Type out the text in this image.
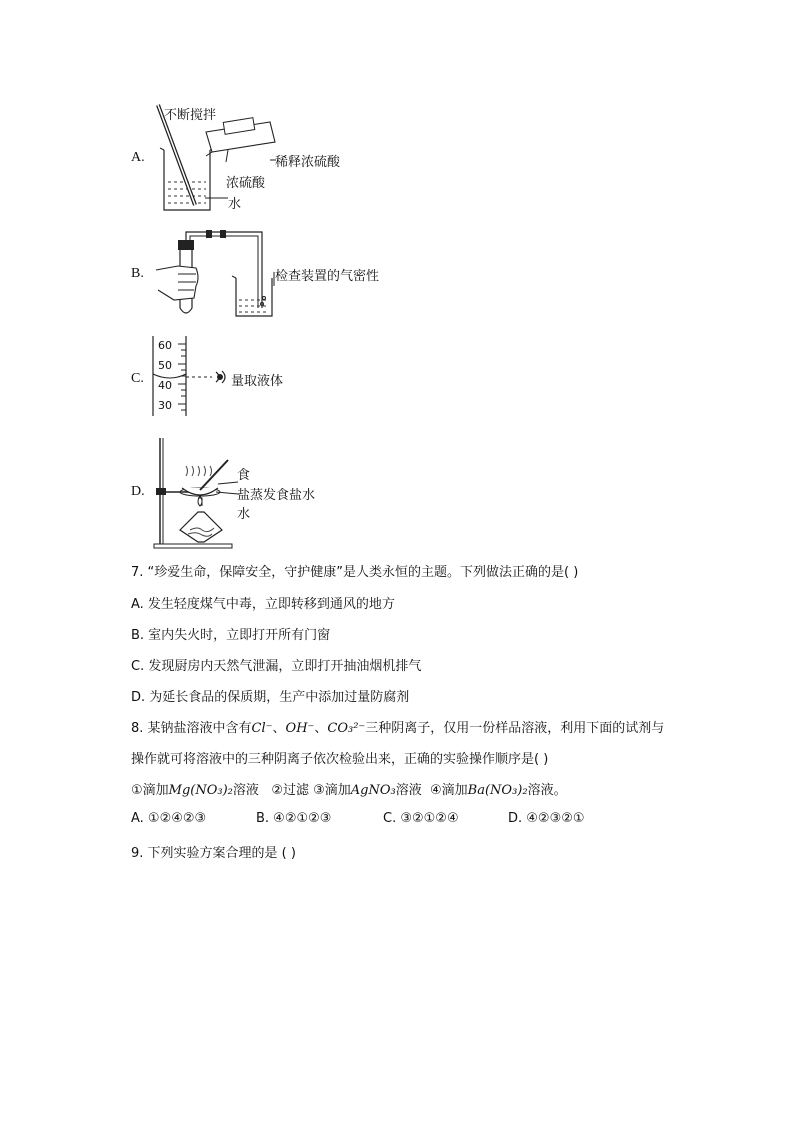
A.
不断搅拌
稀释浓硫酸
浓硫酸
水
B.	检查装置的气密性
C.
60
50
40
30
量取液体
D.
食
盐蒸发食盐水
水
7. “珍爱生命，保障安全，守护健康”是人类永恒的主题。下列做法正确的是( )
A. 发生轻度煤气中毒，立即转移到通风的地方
B. 室内失火时，立即打开所有门窗
C. 发现厨房内天然气泄漏，立即打开抽油烟机排气
D. 为延长食品的保质期，生产中添加过量防腐剂
8. 某钠盐溶液中含有Cl⁻、OH⁻、CO₃²⁻三种阴离子，仅用一份样品溶液，利用下面的试剂与
操作就可将溶液中的三种阴离子依次检验出来，正确的实验操作顺序是( )
①滴加Mg(NO₃)₂溶液 ②过滤 ③滴加AgNO₃溶液 ④滴加Ba(NO₃)₂溶液。
A. ①②④②③	B. ④②①②③	C. ③②①②④	D. ④②③②①
9. 下列实验方案合理的是 ( )
